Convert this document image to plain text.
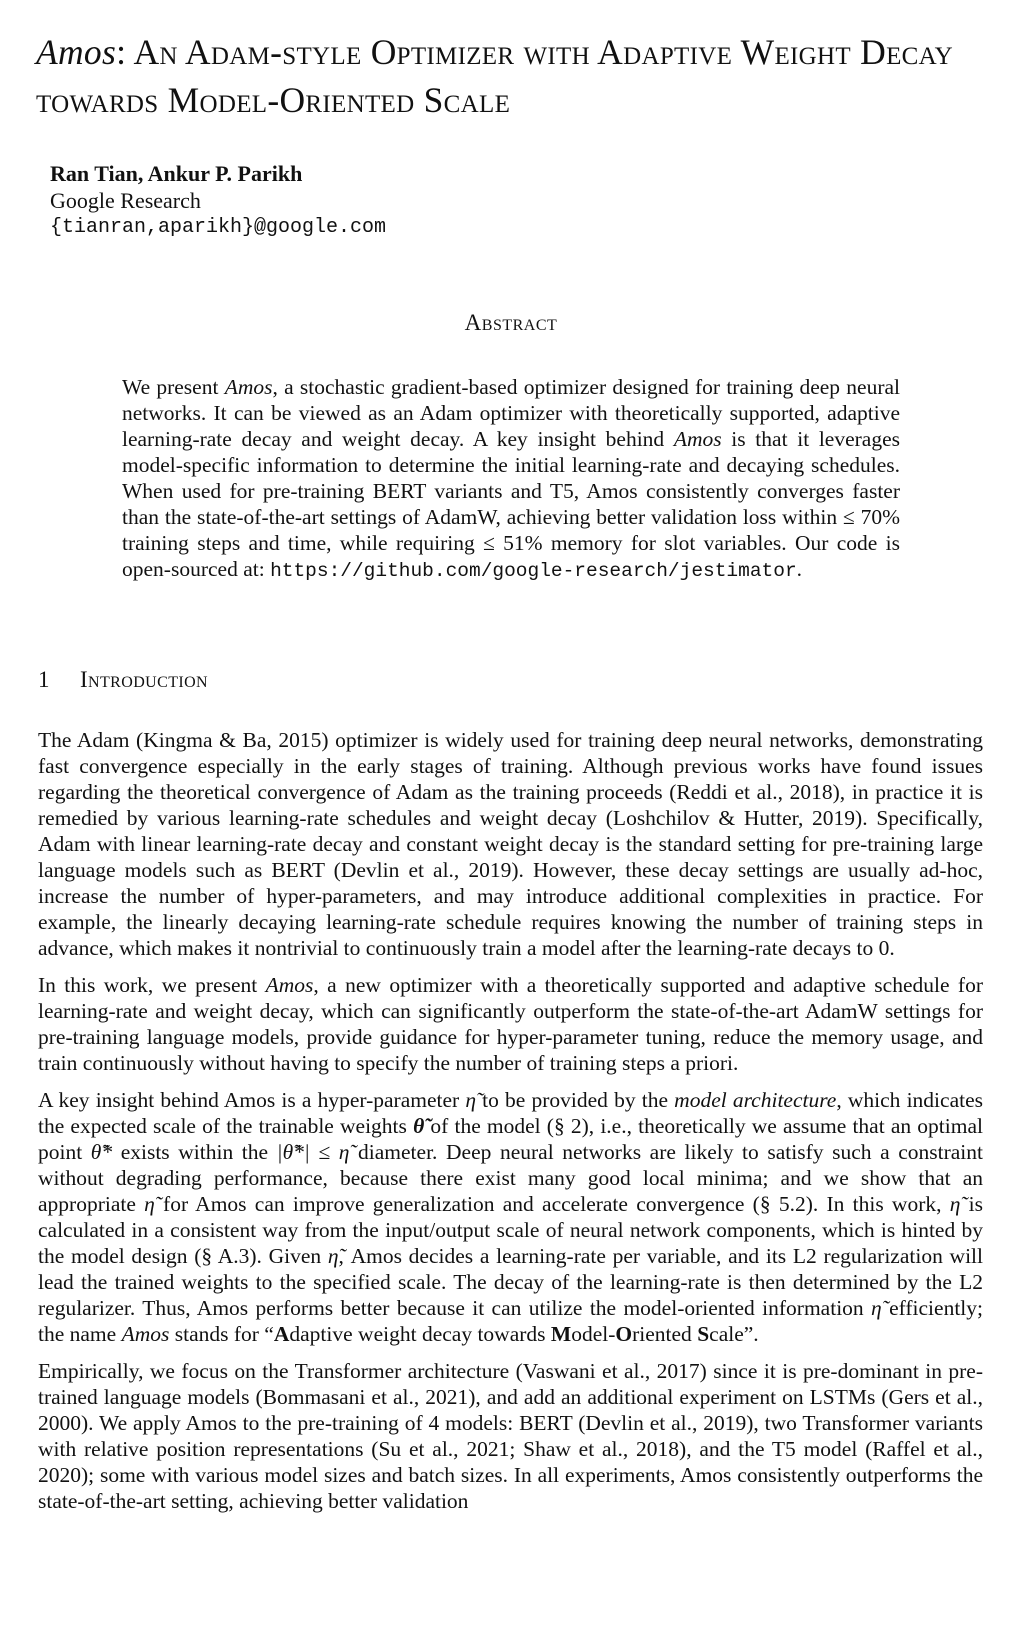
Amos: An Adam-style Optimizer with Adaptive Weight Decay towards Model-Oriented Scale
Ran Tian, Ankur P. Parikh
Google Research
{tianran,aparikh}@google.com
Abstract

We present Amos, a stochastic gradient-based optimizer designed for training deep neural networks. It can be viewed as an Adam optimizer with theoretically supported, adaptive learning-rate decay and weight decay. A key insight behind Amos is that it leverages model-specific information to determine the initial learning-rate and decaying schedules. When used for pre-training BERT variants and T5, Amos consistently converges faster than the state-of-the-art settings of AdamW, achieving better validation loss within ≤ 70% training steps and time, while requiring ≤ 51% memory for slot variables. Our code is open-sourced at: https://github.com/google-research/jestimator.

1 Introduction

The Adam (Kingma & Ba, 2015) optimizer is widely used for training deep neural networks, demonstrating fast convergence especially in the early stages of training. Although previous works have found issues regarding the theoretical convergence of Adam as the training proceeds (Reddi et al., 2018), in practice it is remedied by various learning-rate schedules and weight decay (Loshchilov & Hutter, 2019). Specifically, Adam with linear learning-rate decay and constant weight decay is the standard setting for pre-training large language models such as BERT (Devlin et al., 2019). However, these decay settings are usually ad-hoc, increase the number of hyper-parameters, and may introduce additional complexities in practice. For example, the linearly decaying learning-rate schedule requires knowing the number of training steps in advance, which makes it nontrivial to continuously train a model after the learning-rate decays to 0.

In this work, we present Amos, a new optimizer with a theoretically supported and adaptive schedule for learning-rate and weight decay, which can significantly outperform the state-of-the-art AdamW settings for pre-training language models, provide guidance for hyper-parameter tuning, reduce the memory usage, and train continuously without having to specify the number of training steps a priori.

A key insight behind Amos is a hyper-parameter η̃ to be provided by the model architecture, which indicates the expected scale of the trainable weights θ̃ of the model (§ 2), i.e., theoretically we assume that an optimal point θ̃* exists within the |θ̃*| ≤ η̃ diameter. Deep neural networks are likely to satisfy such a constraint without degrading performance, because there exist many good local minima; and we show that an appropriate η̃ for Amos can improve generalization and accelerate convergence (§ 5.2). In this work, η̃ is calculated in a consistent way from the input/output scale of neural network components, which is hinted by the model design (§ A.3). Given η̃, Amos decides a learning-rate per variable, and its L2 regularization will lead the trained weights to the specified scale. The decay of the learning-rate is then determined by the L2 regularizer. Thus, Amos performs better because it can utilize the model-oriented information η̃ efficiently; the name Amos stands for “Adaptive weight decay towards Model-Oriented Scale”.

Empirically, we focus on the Transformer architecture (Vaswani et al., 2017) since it is pre-dominant in pre-trained language models (Bommasani et al., 2021), and add an additional experiment on LSTMs (Gers et al., 2000). We apply Amos to the pre-training of 4 models: BERT (Devlin et al., 2019), two Transformer variants with relative position representations (Su et al., 2021; Shaw et al., 2018), and the T5 model (Raffel et al., 2020); some with various model sizes and batch sizes. In all experiments, Amos consistently outperforms the state-of-the-art setting, achieving better validation
